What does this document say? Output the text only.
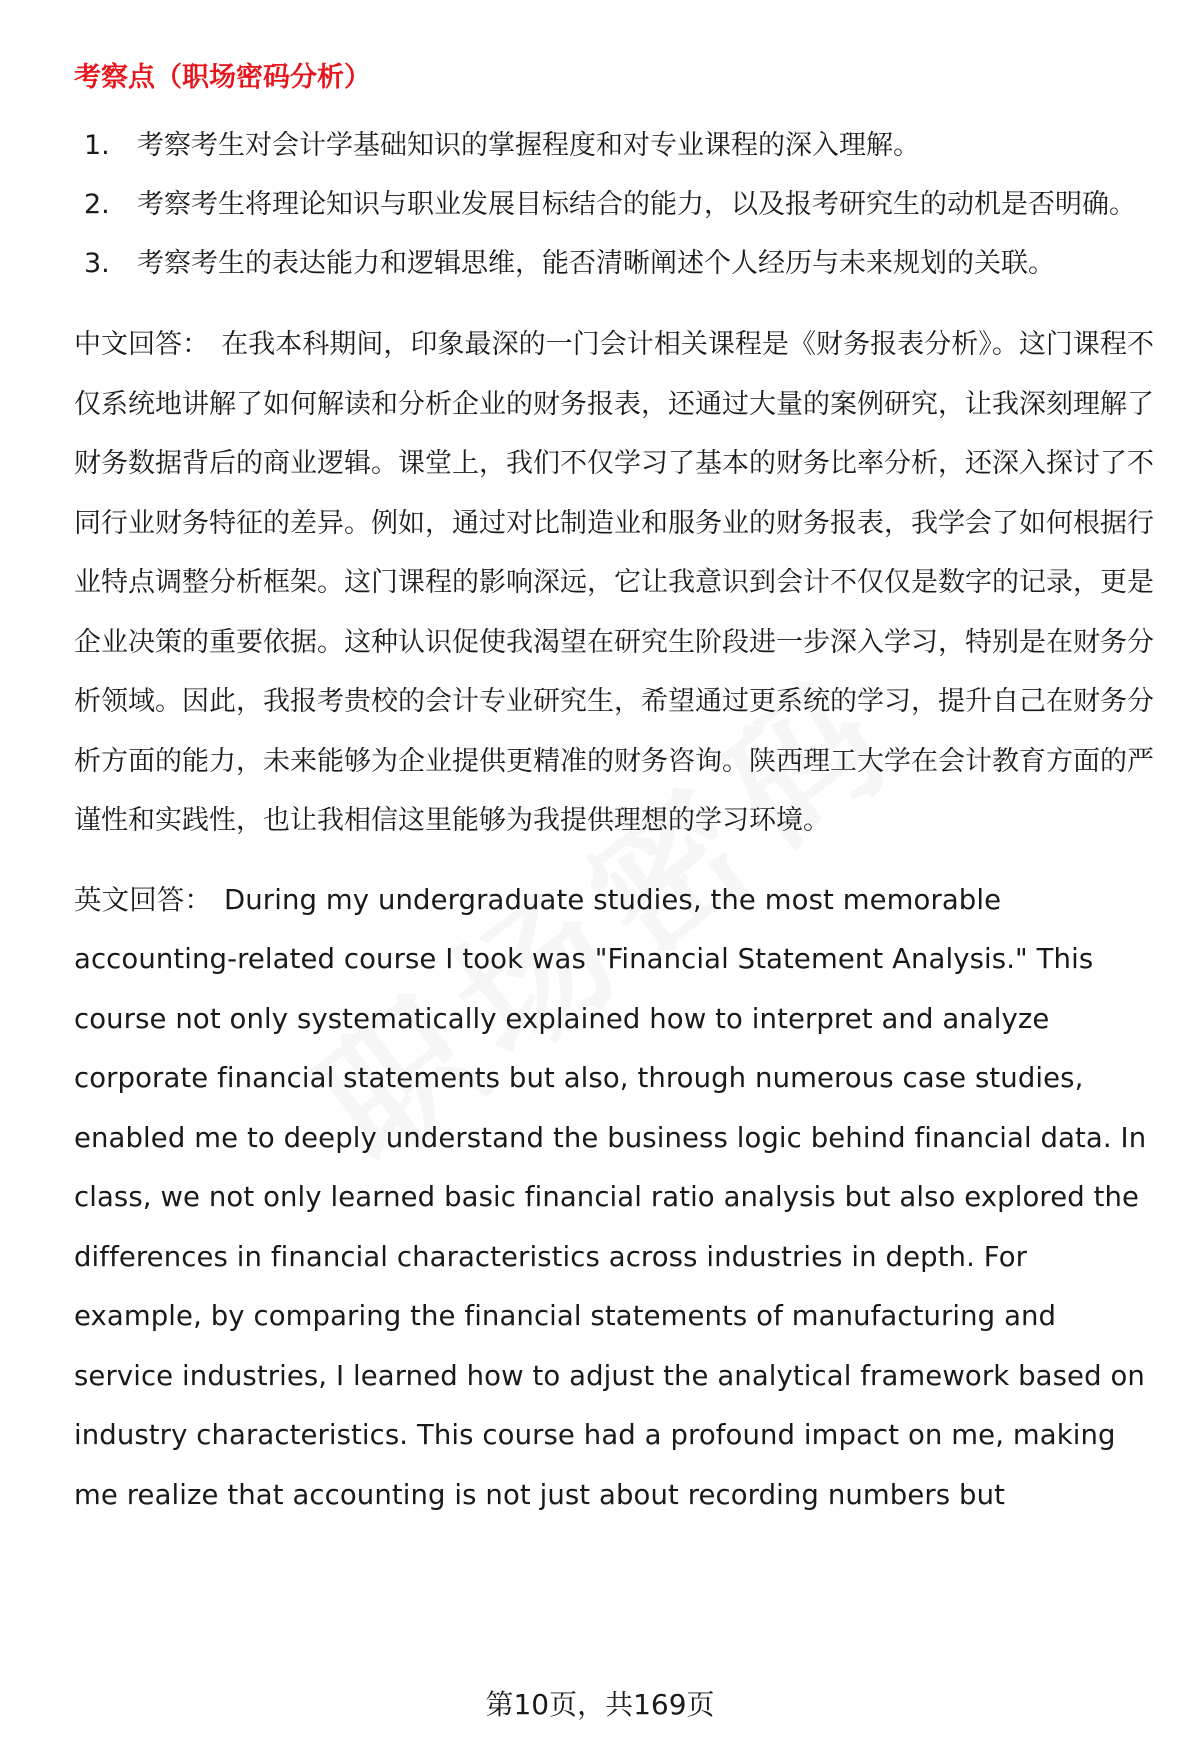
考察点（职场密码分析）
1.	考察考生对会计学基础知识的掌握程度和对专业课程的深入理解。
2.	考察考生将理论知识与职业发展目标结合的能力，以及报考研究生的动机是否明确。
3.	考察考生的表达能力和逻辑思维，能否清晰阐述个人经历与未来规划的关联。

中文回答： 在我本科期间，印象最深的一门会计相关课程是《财务报表分析》。这门课程不仅系统地讲解了如何解读和分析企业的财务报表，还通过大量的案例研究，让我深刻理解了财务数据背后的商业逻辑。课堂上，我们不仅学习了基本的财务比率分析，还深入探讨了不同行业财务特征的差异。例如，通过对比制造业和服务业的财务报表，我学会了如何根据行业特点调整分析框架。这门课程的影响深远，它让我意识到会计不仅仅是数字的记录，更是企业决策的重要依据。这种认识促使我渴望在研究生阶段进一步深入学习，特别是在财务分析领域。因此，我报考贵校的会计专业研究生，希望通过更系统的学习，提升自己在财务分析方面的能力，未来能够为企业提供更精准的财务咨询。陕西理工大学在会计教育方面的严谨性和实践性，也让我相信这里能够为我提供理想的学习环境。

英文回答： During my undergraduate studies, the most memorable accounting-related course I took was "Financial Statement Analysis." This course not only systematically explained how to interpret and analyze corporate financial statements but also, through numerous case studies, enabled me to deeply understand the business logic behind financial data. In class, we not only learned basic financial ratio analysis but also explored the differences in financial characteristics across industries in depth. For example, by comparing the financial statements of manufacturing and service industries, I learned how to adjust the analytical framework based on industry characteristics. This course had a profound impact on me, making me realize that accounting is not just about recording numbers but

第10页，共169页
